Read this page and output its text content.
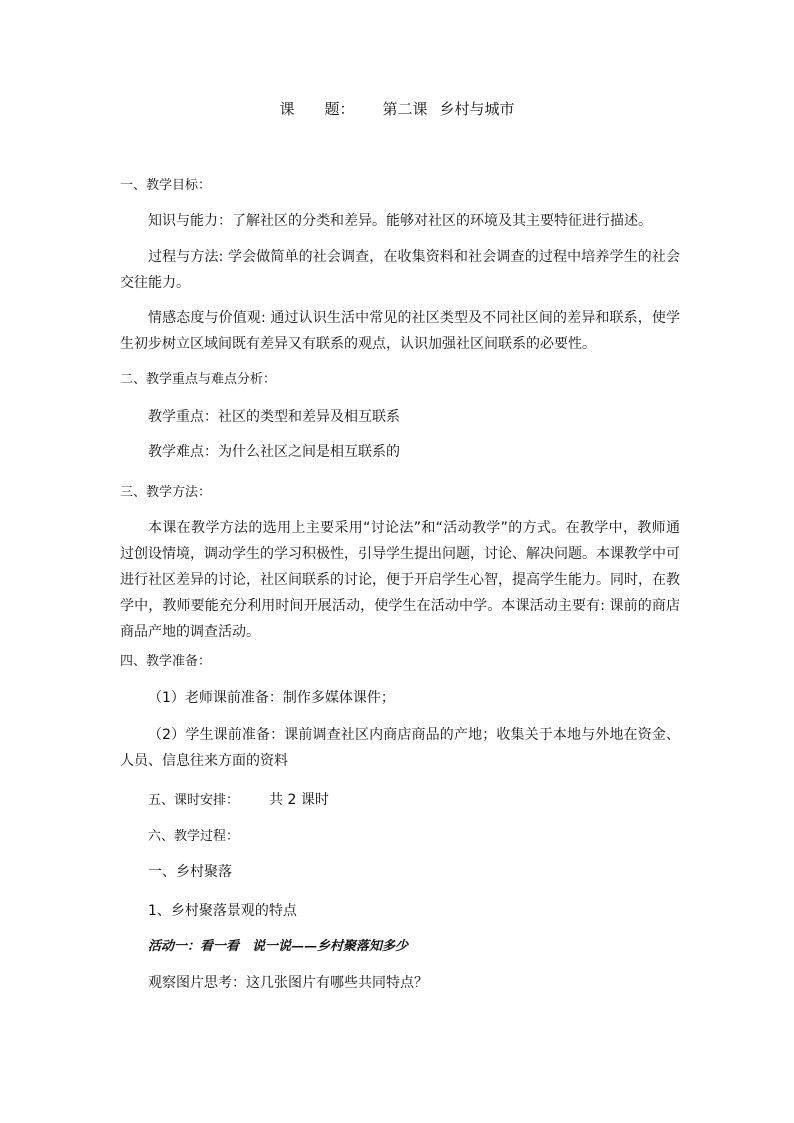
课　　题： 第二课 乡村与城市
一、教学目标：
知识与能力：了解社区的分类和差异。能够对社区的环境及其主要特征进行描述。
过程与方法: 学会做简单的社会调查，在收集资料和社会调查的过程中培养学生的社会交往能力。
情感态度与价值观: 通过认识生活中常见的社区类型及不同社区间的差异和联系，使学生初步树立区域间既有差异又有联系的观点，认识加强社区间联系的必要性。
二、教学重点与难点分析：
教学重点：社区的类型和差异及相互联系
教学难点：为什么社区之间是相互联系的
三、教学方法：
本课在教学方法的选用上主要采用“讨论法”和“活动教学”的方式。在教学中，教师通过创设情境，调动学生的学习积极性，引导学生提出问题，讨论、解决问题。本课教学中可进行社区差异的讨论，社区间联系的讨论，便于开启学生心智，提高学生能力。同时，在教学中，教师要能充分利用时间开展活动，使学生在活动中学。本课活动主要有: 课前的商店商品产地的调查活动。
四、教学准备：
（1）老师课前准备：制作多媒体课件；
（2）学生课前准备：课前调查社区内商店商品的产地；收集关于本地与外地在资金、人员、信息往来方面的资料
五、课时安排： 共 2 课时
六、教学过程：
一、乡村聚落
1、乡村聚落景观的特点
活动一：看一看　说一说——乡村聚落知多少
观察图片思考：这几张图片有哪些共同特点？
